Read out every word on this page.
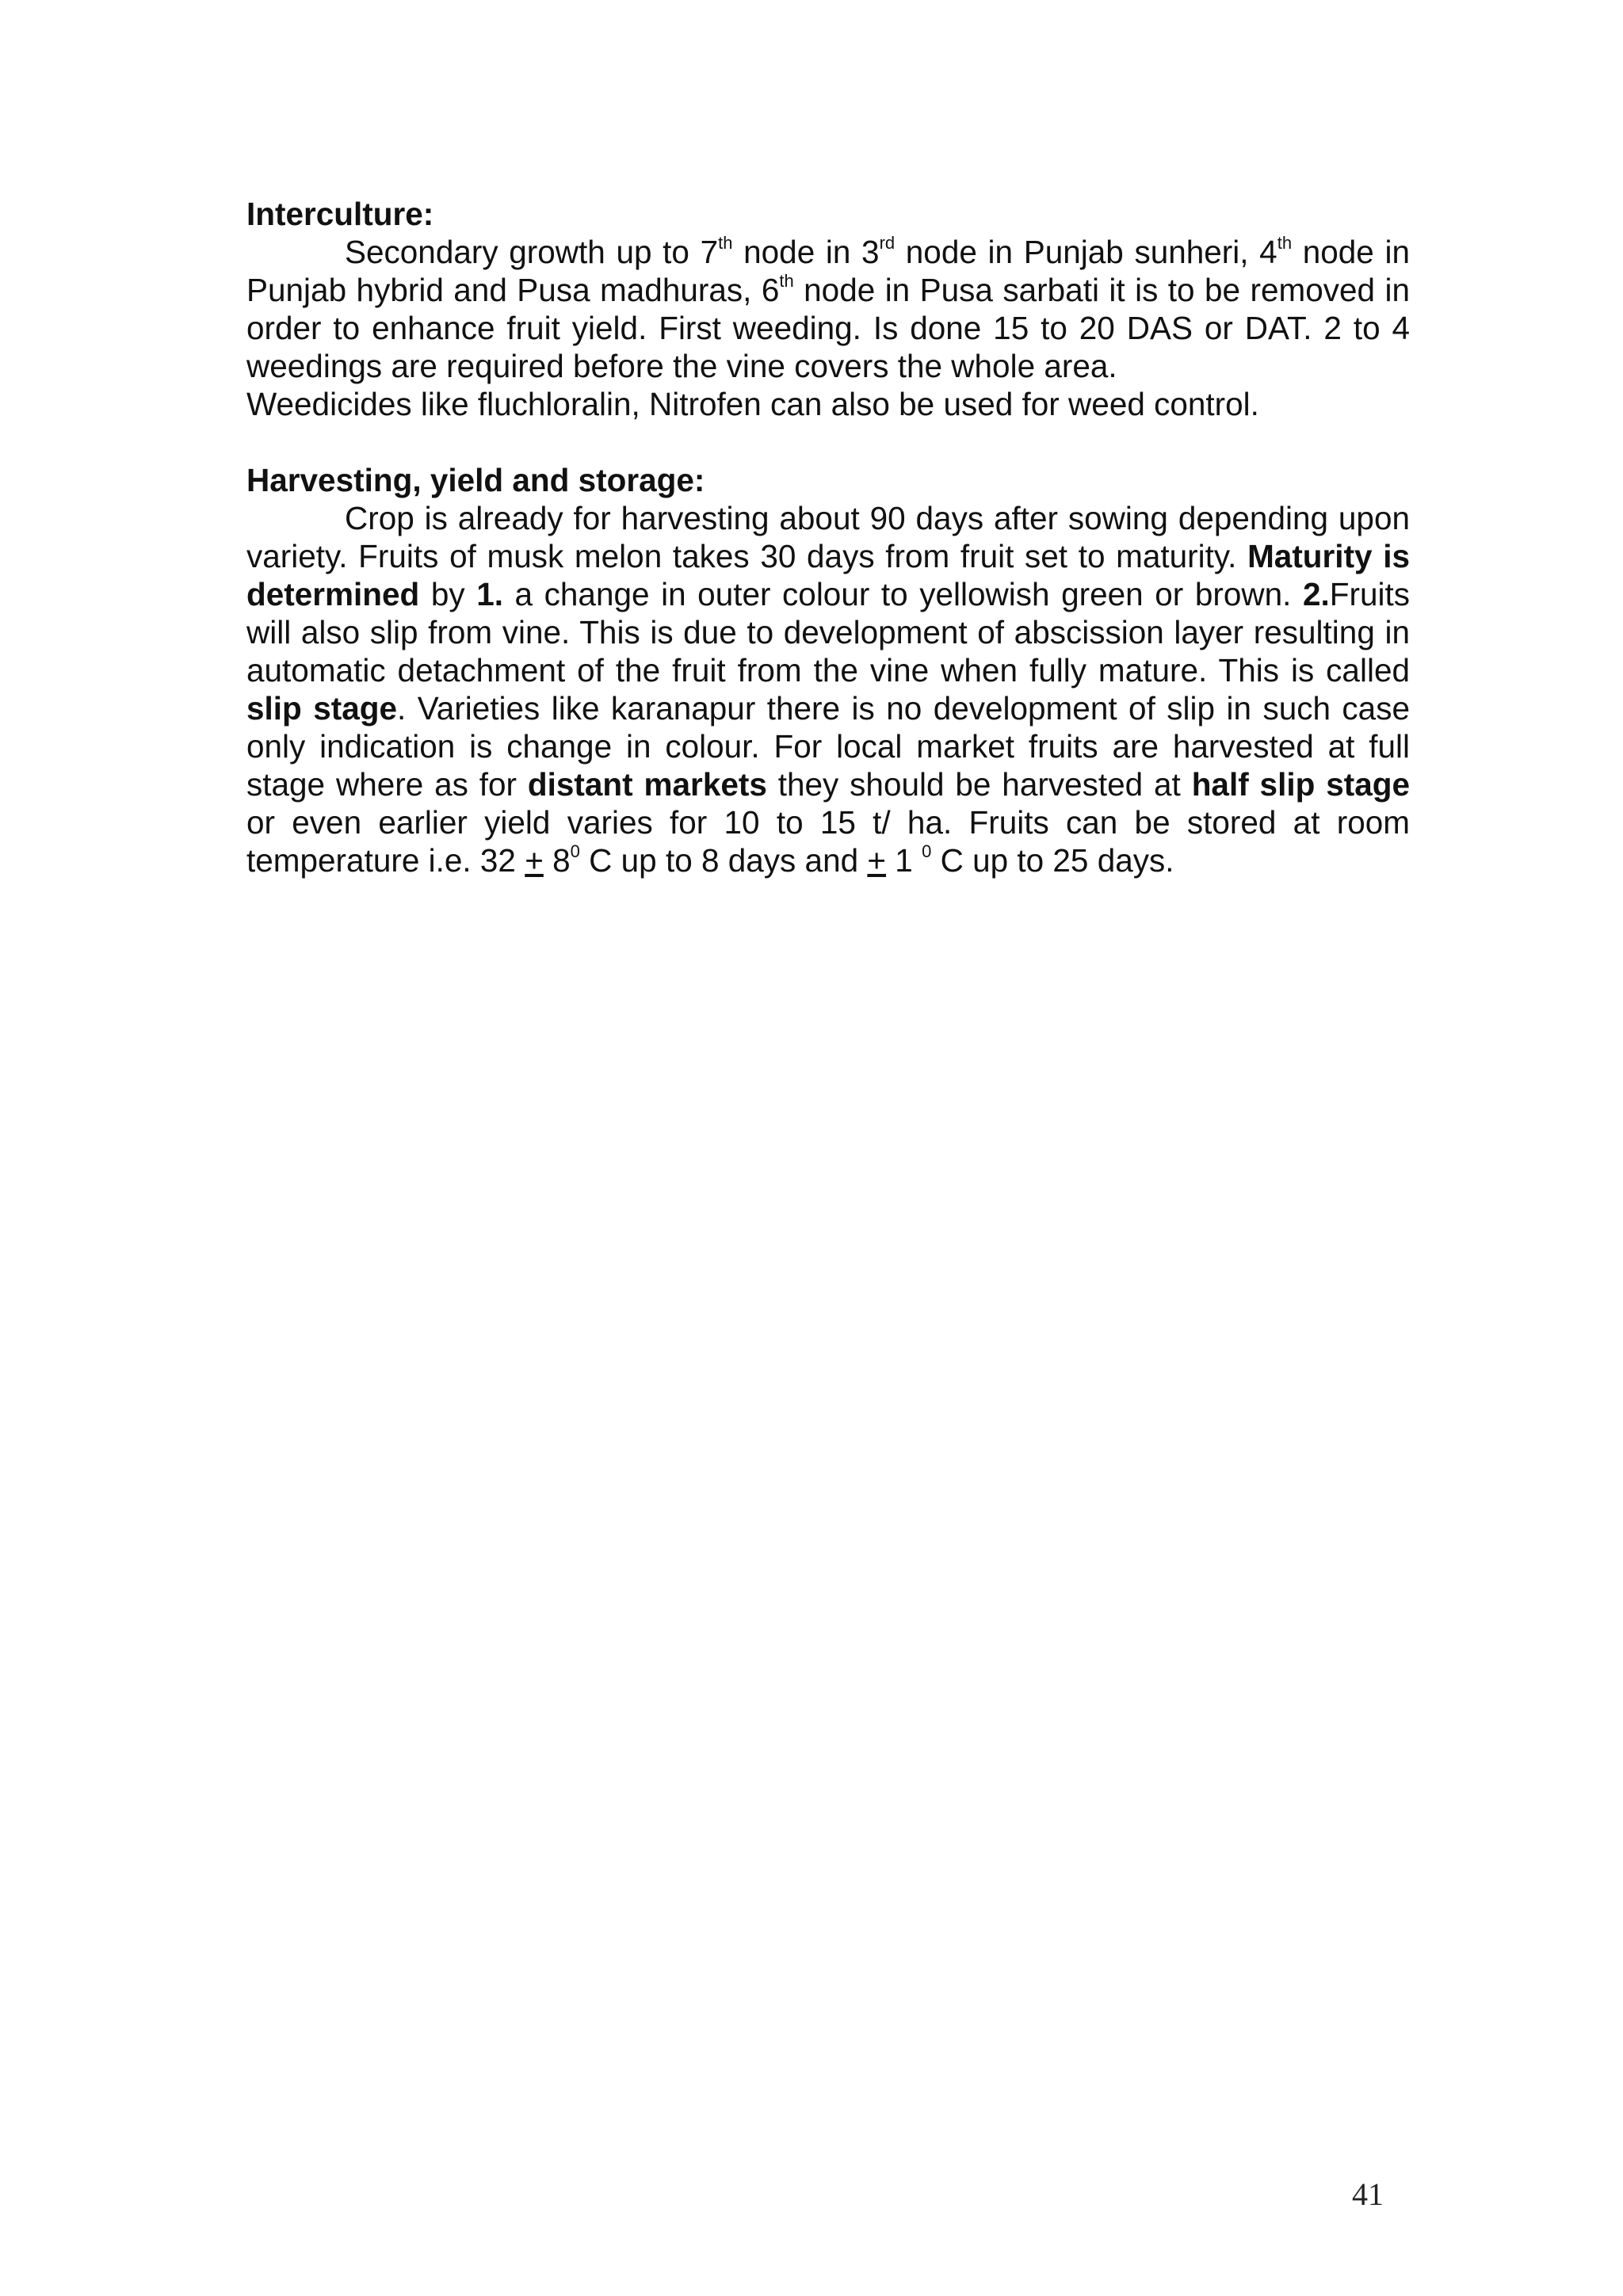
Interculture:

Secondary growth up to 7th node in 3rd node in Punjab sunheri, 4th node in Punjab hybrid and Pusa madhuras, 6th node in Pusa sarbati it is to be removed in order to enhance fruit yield. First weeding. Is done 15 to 20 DAS or DAT. 2 to 4 weedings are required before the vine covers the whole area.

Weedicides like fluchloralin, Nitrofen can also be used for weed control.

Harvesting, yield and storage:

Crop is already for harvesting about 90 days after sowing depending upon variety. Fruits of musk melon takes 30 days from fruit set to maturity. Maturity is determined by 1. a change in outer colour to yellowish green or brown. 2.Fruits will also slip from vine. This is due to development of abscission layer resulting in automatic detachment of the fruit from the vine when fully mature. This is called slip stage. Varieties like karanapur there is no development of slip in such case only indication is change in colour. For local market fruits are harvested at full stage where as for distant markets they should be harvested at half slip stage or even earlier yield varies for 10 to 15 t/ ha. Fruits can be stored at room temperature i.e. $32 + 8^0$ C up to 8 days and + 1 $^0$ C up to 25 days.

41
